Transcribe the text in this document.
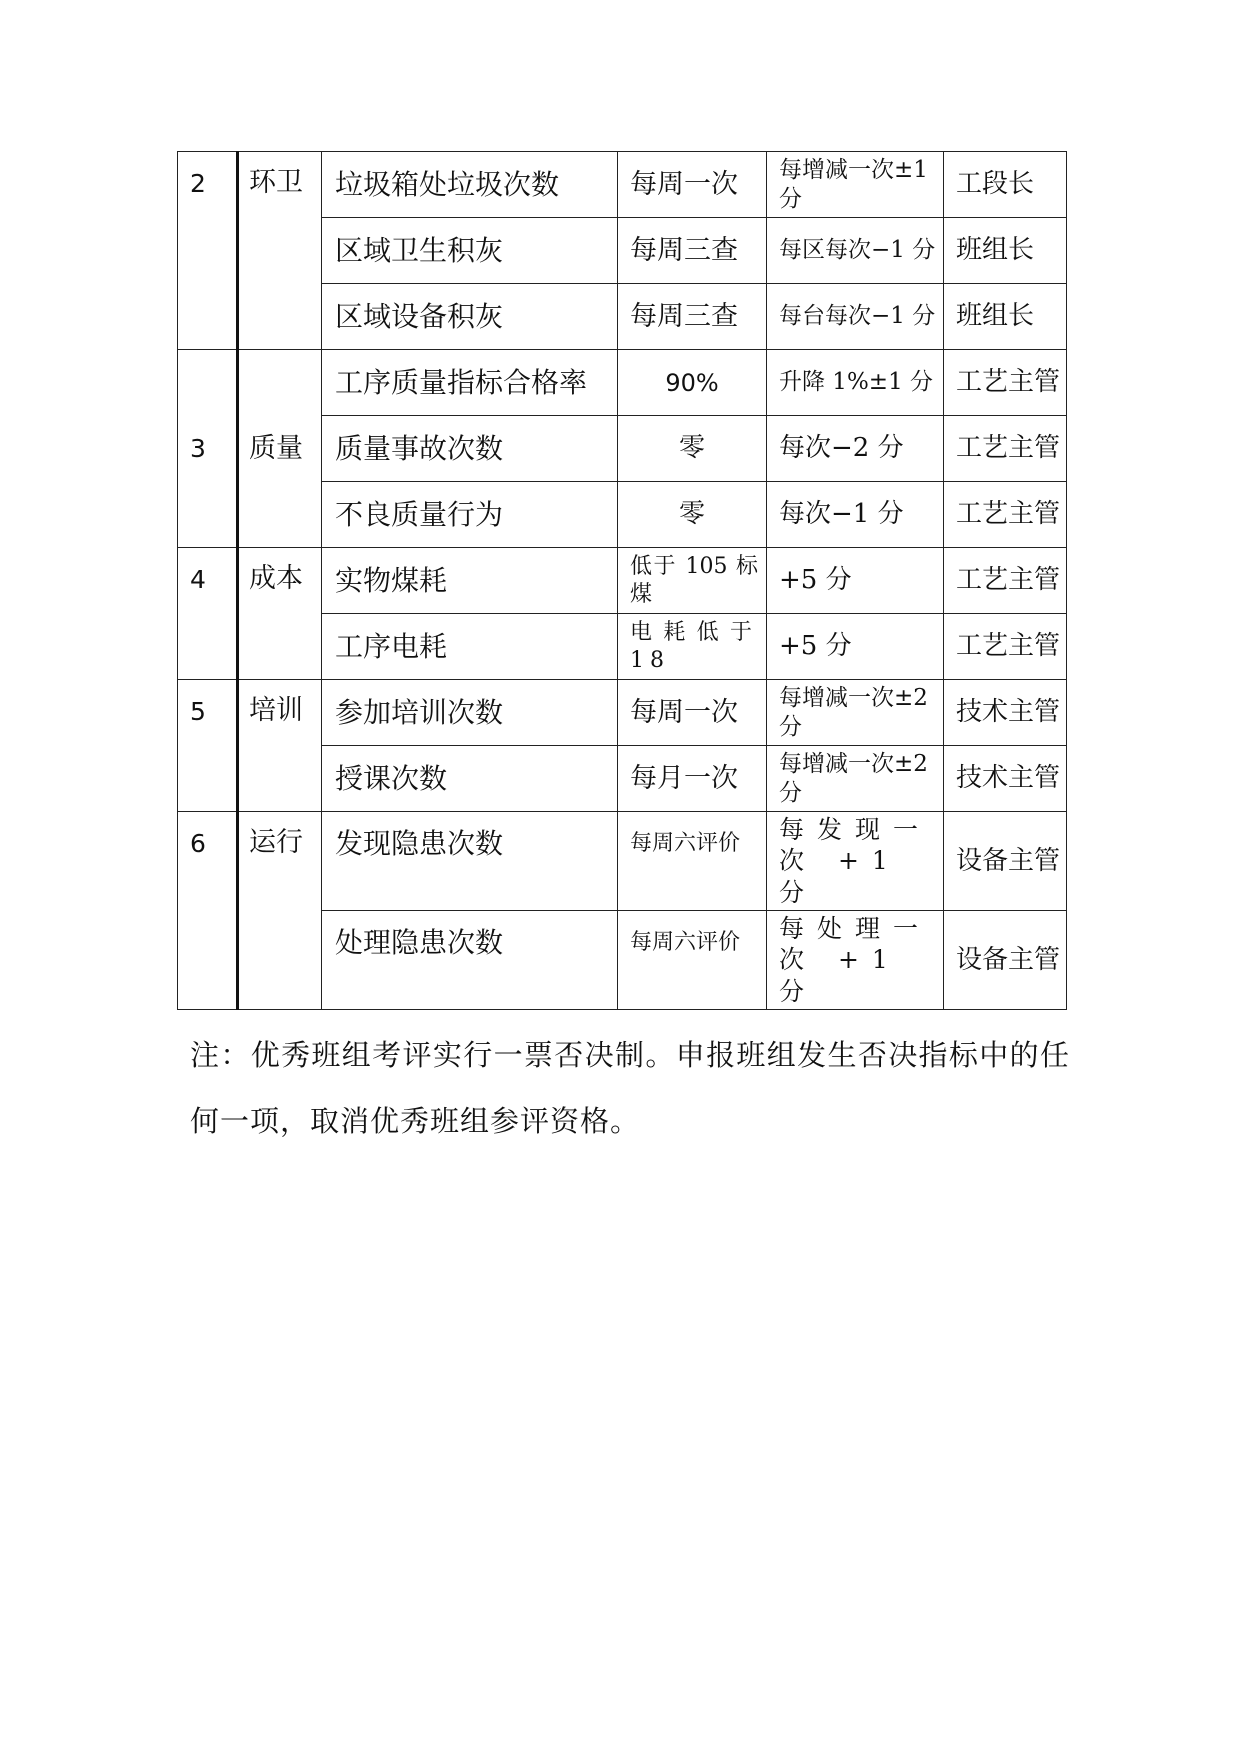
2	环卫	垃圾箱处垃圾次数	每周一次	每增减一次±1 分	工段长
		区域卫生积灰	每周三查	每区每次−1 分	班组长
		区域设备积灰	每周三查	每台每次−1 分	班组长
3	质量	工序质量指标合格率	90%	升降 1%±1 分	工艺主管
		质量事故次数	零	每次−2 分	工艺主管
		不良质量行为	零	每次−1 分	工艺主管
4	成本	实物煤耗	低于 105 标煤	+5 分	工艺主管
		工序电耗	电耗低于 18	+5 分	工艺主管
5	培训	参加培训次数	每周一次	每增减一次±2 分	技术主管
		授课次数	每月一次	每增减一次±2 分	技术主管
6	运行	发现隐患次数	每周六评价	每发现一次 +1 分	设备主管
		处理隐患次数	每周六评价	每处理一次 +1 分	设备主管
注：优秀班组考评实行一票否决制。申报班组发生否决指标中的任何一项，取消优秀班组参评资格。
